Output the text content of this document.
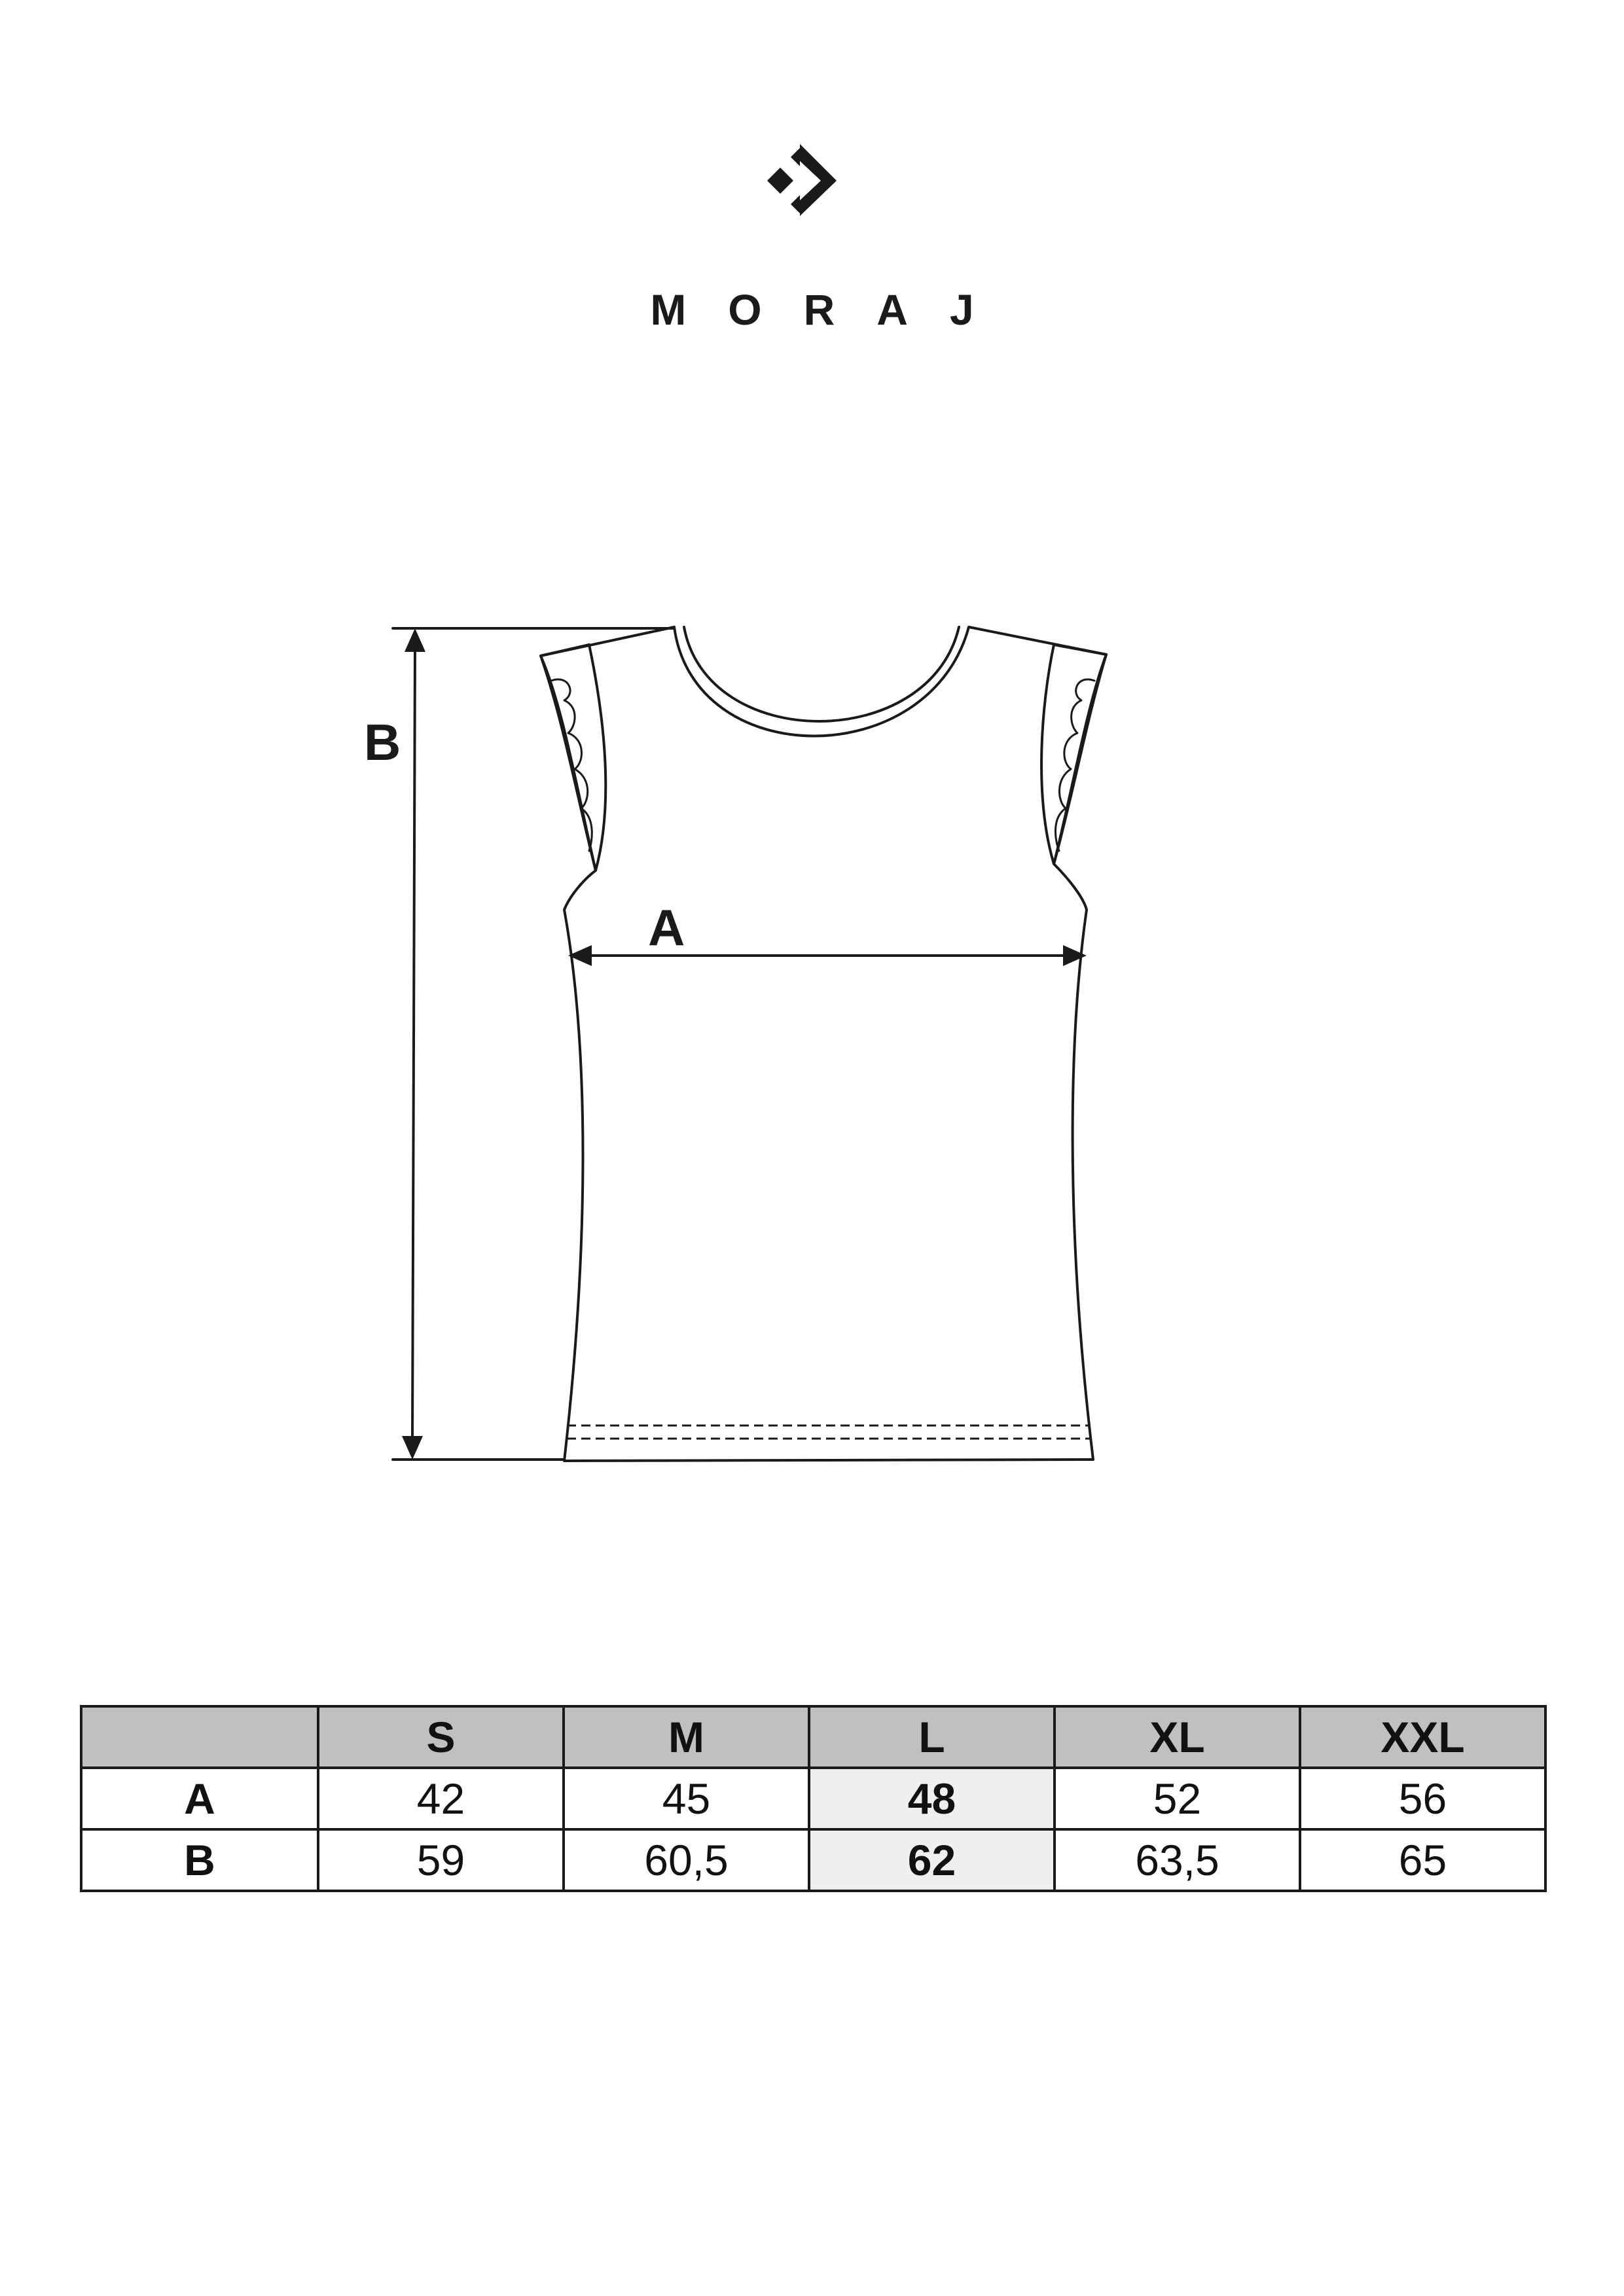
MORAJ
B
A
	S	M	L	XL	XXL
A	42	45	48	52	56
B	59	60,5	62	63,5	65
